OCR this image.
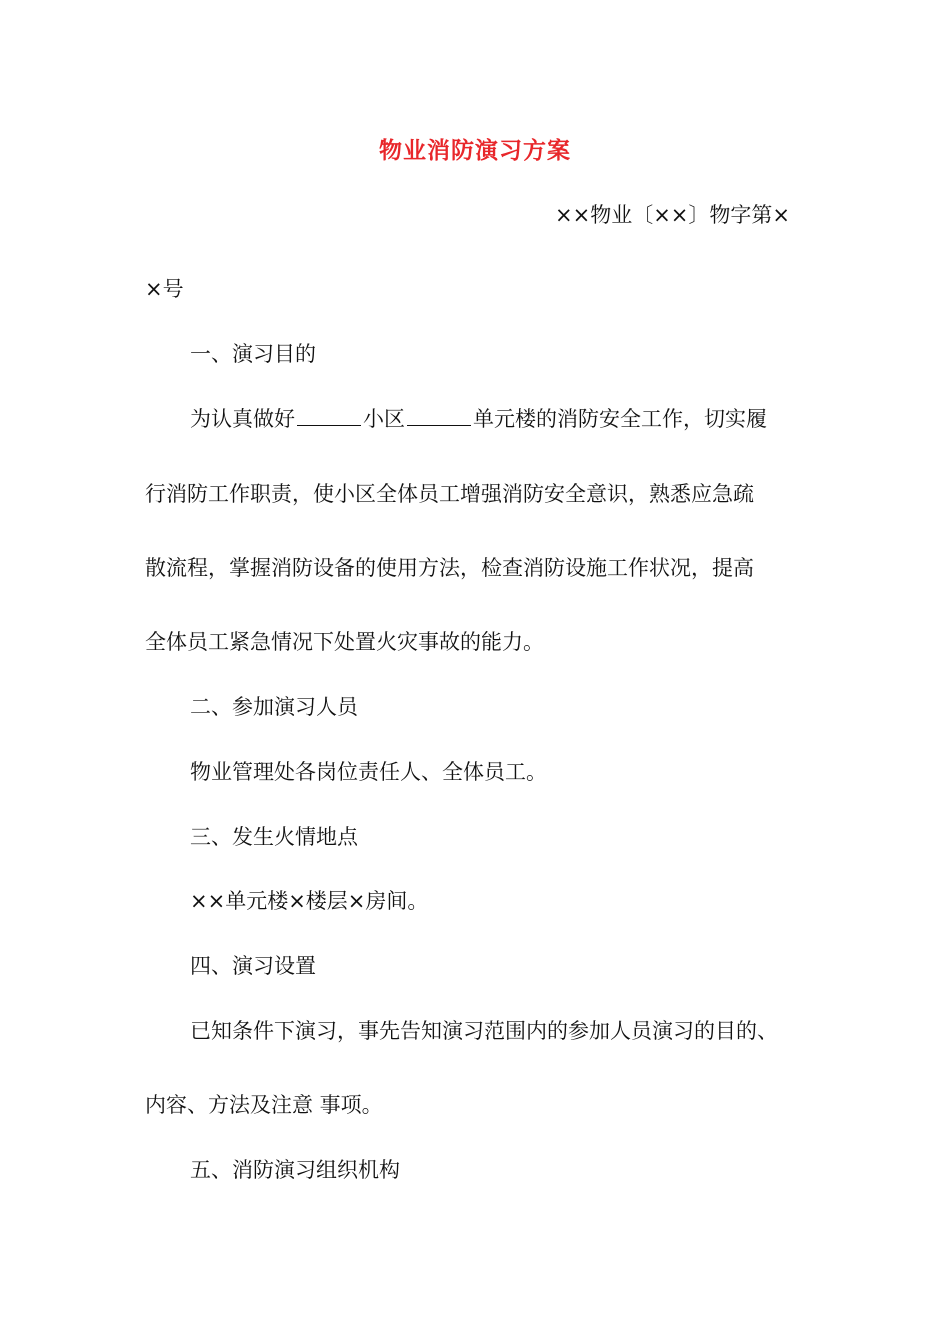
物业消防演习方案
××物业〔××〕物字第×
×号
一、演习目的
为认真做好	小区	单元楼的消防安全工作，切实履
行消防工作职责，使小区全体员工增强消防安全意识，熟悉应急疏
散流程，掌握消防设备的使用方法，检查消防设施工作状况，提高
全体员工紧急情况下处置火灾事故的能力。
二、参加演习人员
物业管理处各岗位责任人、全体员工。
三、发生火情地点
××单元楼×楼层×房间。
四、演习设置
已知条件下演习，事先告知演习范围内的参加人员演习的目的、
内容、方法及注意 事项。
五、消防演习组织机构
